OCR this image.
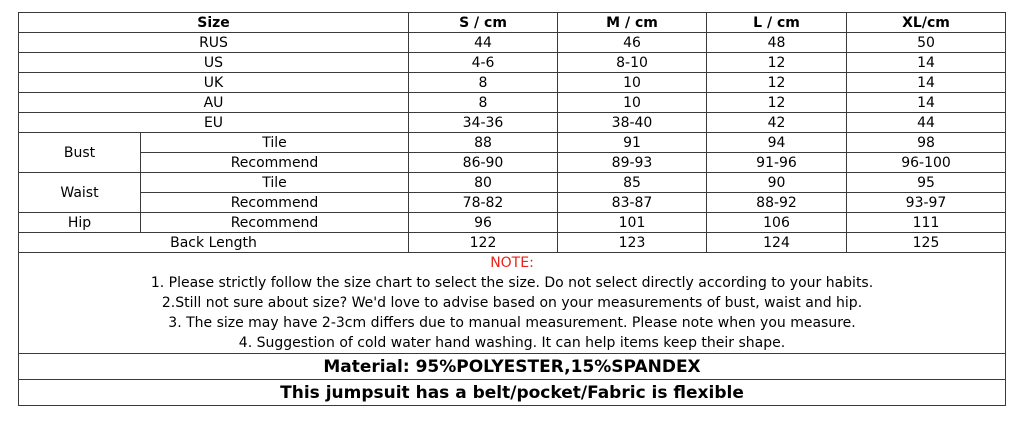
Size		S / cm	M / cm	L / cm	XL/cm
RUS		44	46	48	50
US		4-6	8-10	12	14
UK		8	10	12	14
AU		8	10	12	14
EU		34-36	38-40	42	44
Bust	Tile	88	91	94	98
	Recommend	86-90	89-93	91-96	96-100
Waist	Tile	80	85	90	95
	Recommend	78-82	83-87	88-92	93-97
Hip	Recommend	96	101	106	111
Back Length		122	123	124	125

NOTE:
1. Please strictly follow the size chart to select the size. Do not select directly according to your habits.
2.Still not sure about size? We'd love to advise based on your measurements of bust, waist and hip.
3. The size may have 2-3cm differs due to manual measurement. Please note when you measure.
4. Suggestion of cold water hand washing. It can help items keep their shape.					

Material: 95%POLYESTER,15%SPANDEX					
This jumpsuit has a belt/pocket/Fabric is flexible					
